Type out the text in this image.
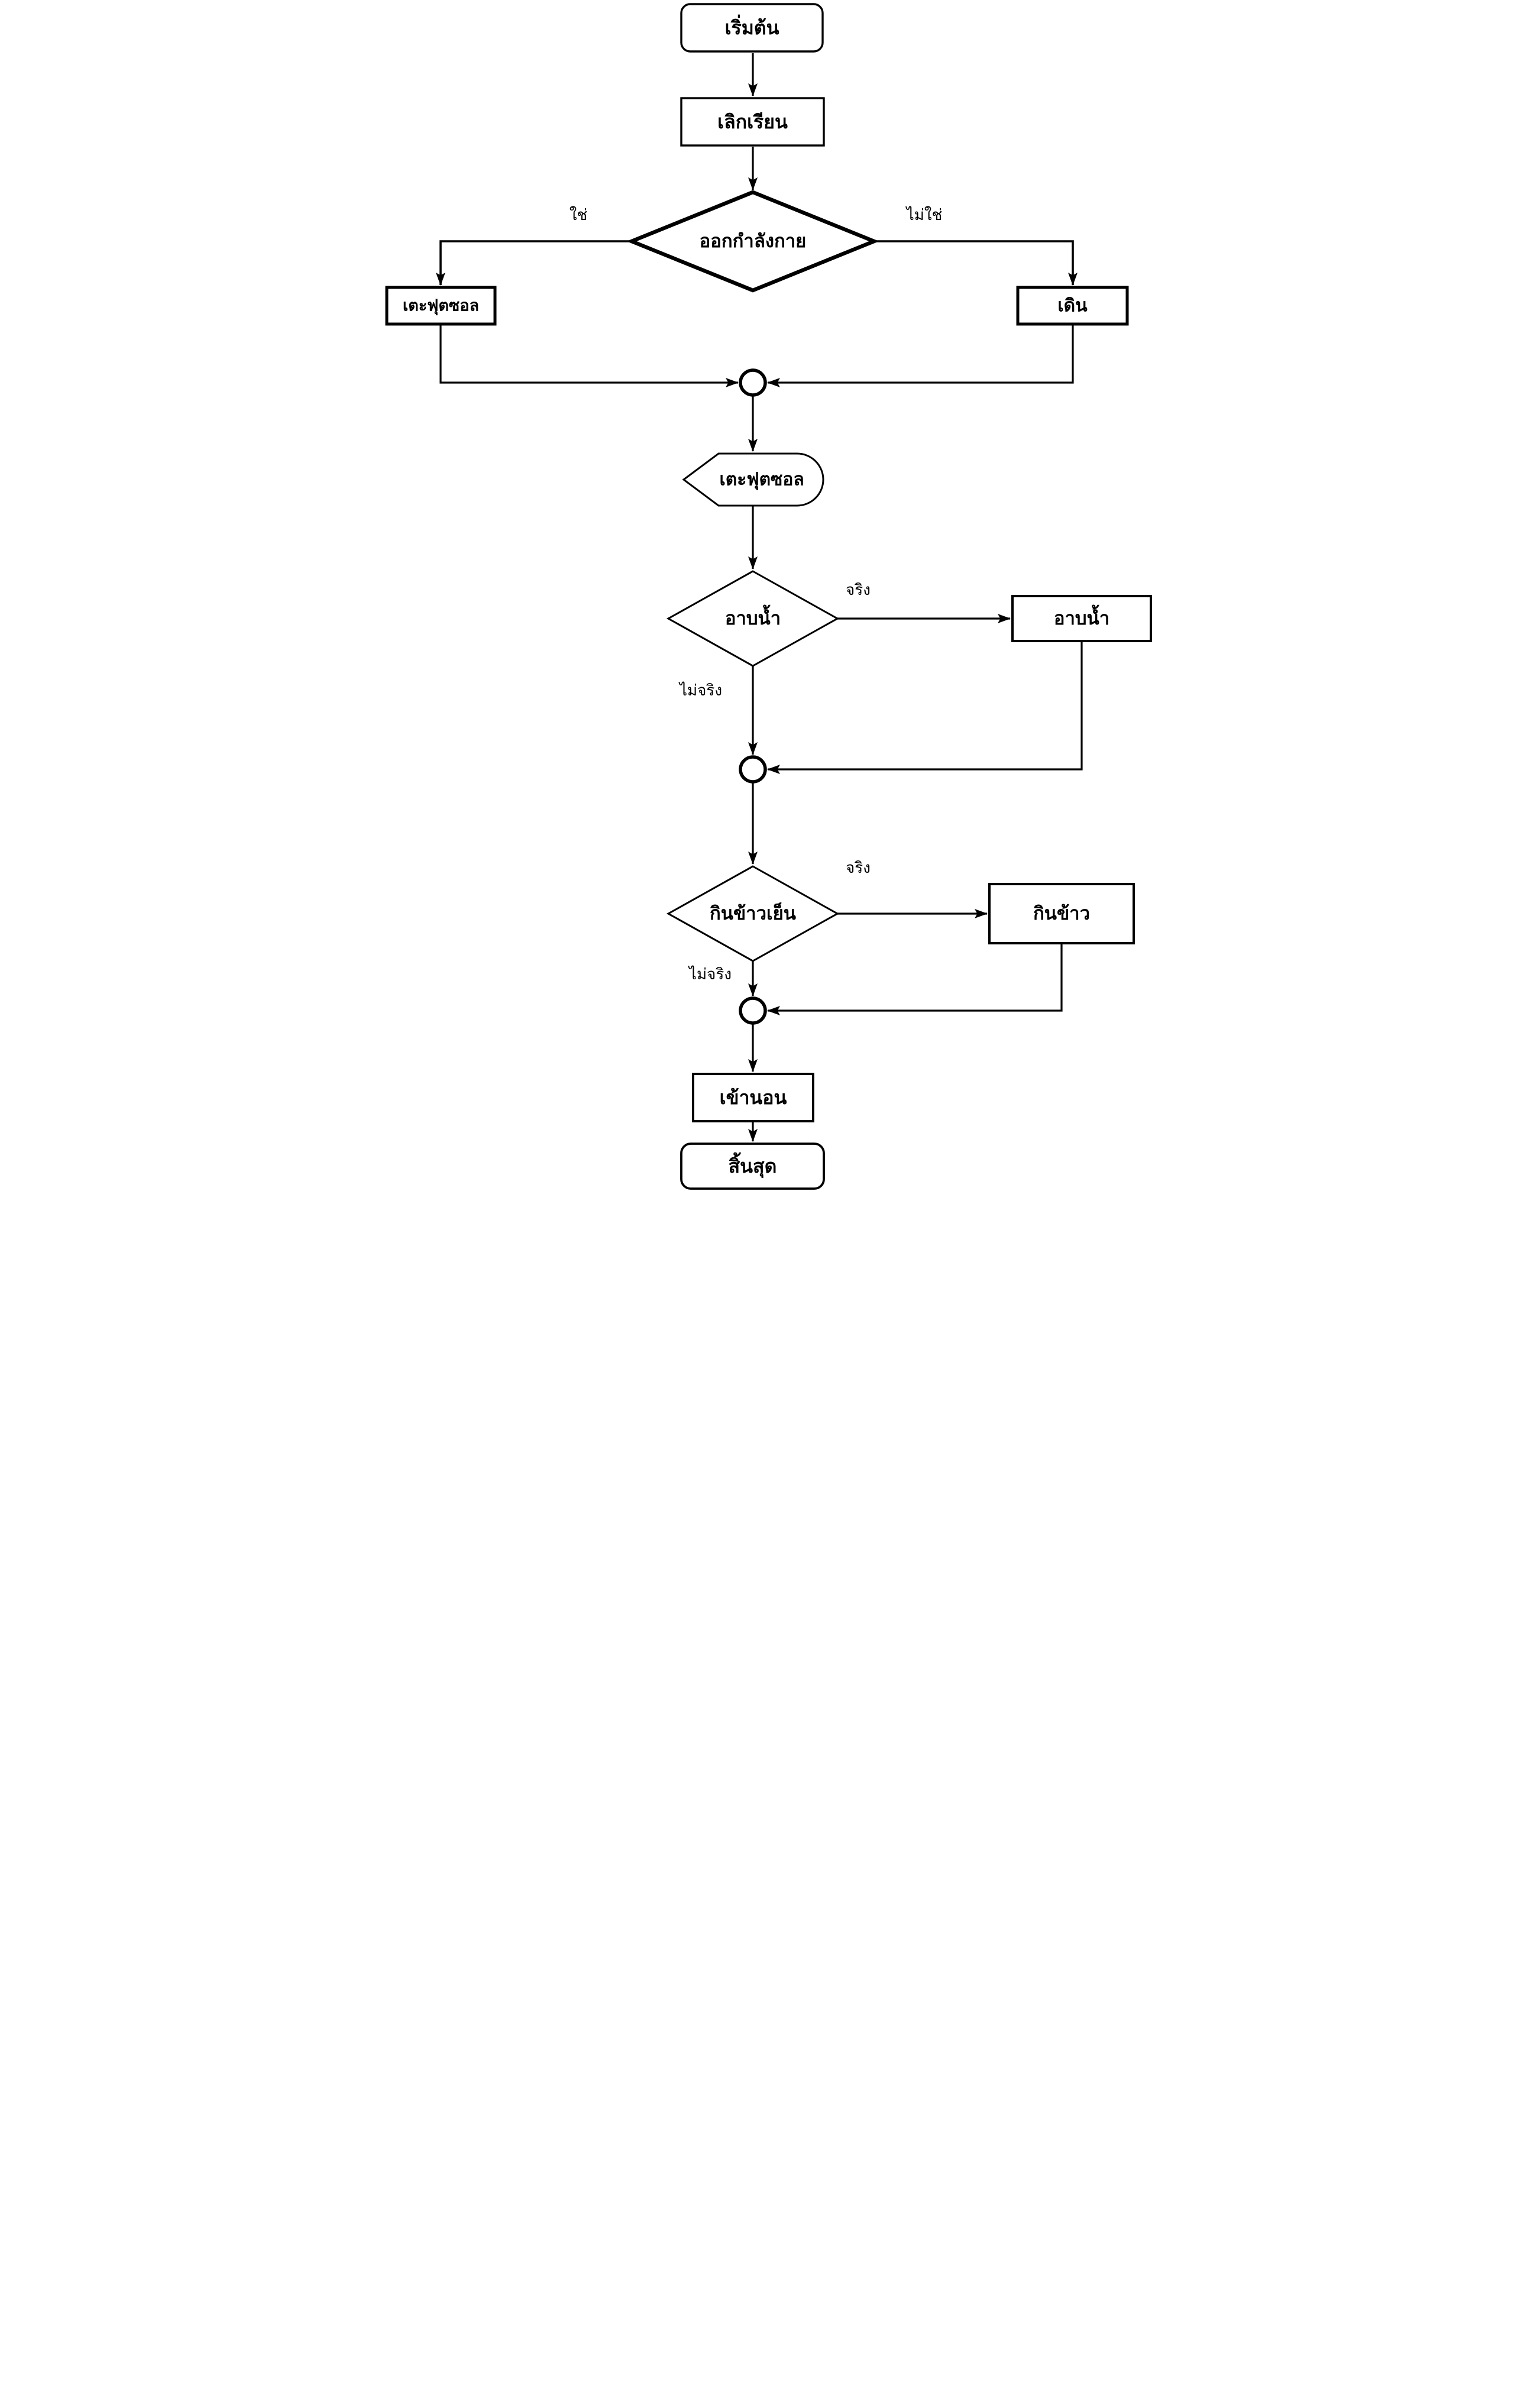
เริ่มต้น
เลิกเรียน
ออกกำลังกาย
เตะฟุตซอล	เดิน
เตะฟุตซอล
อาบน้ำ	อาบน้ำ
กินข้าวเย็น	กินข้าว
เข้านอน
สิ้นสุด
ใช่	ไม่ใช่
จริง
ไม่จริง
จริง
ไม่จริง
